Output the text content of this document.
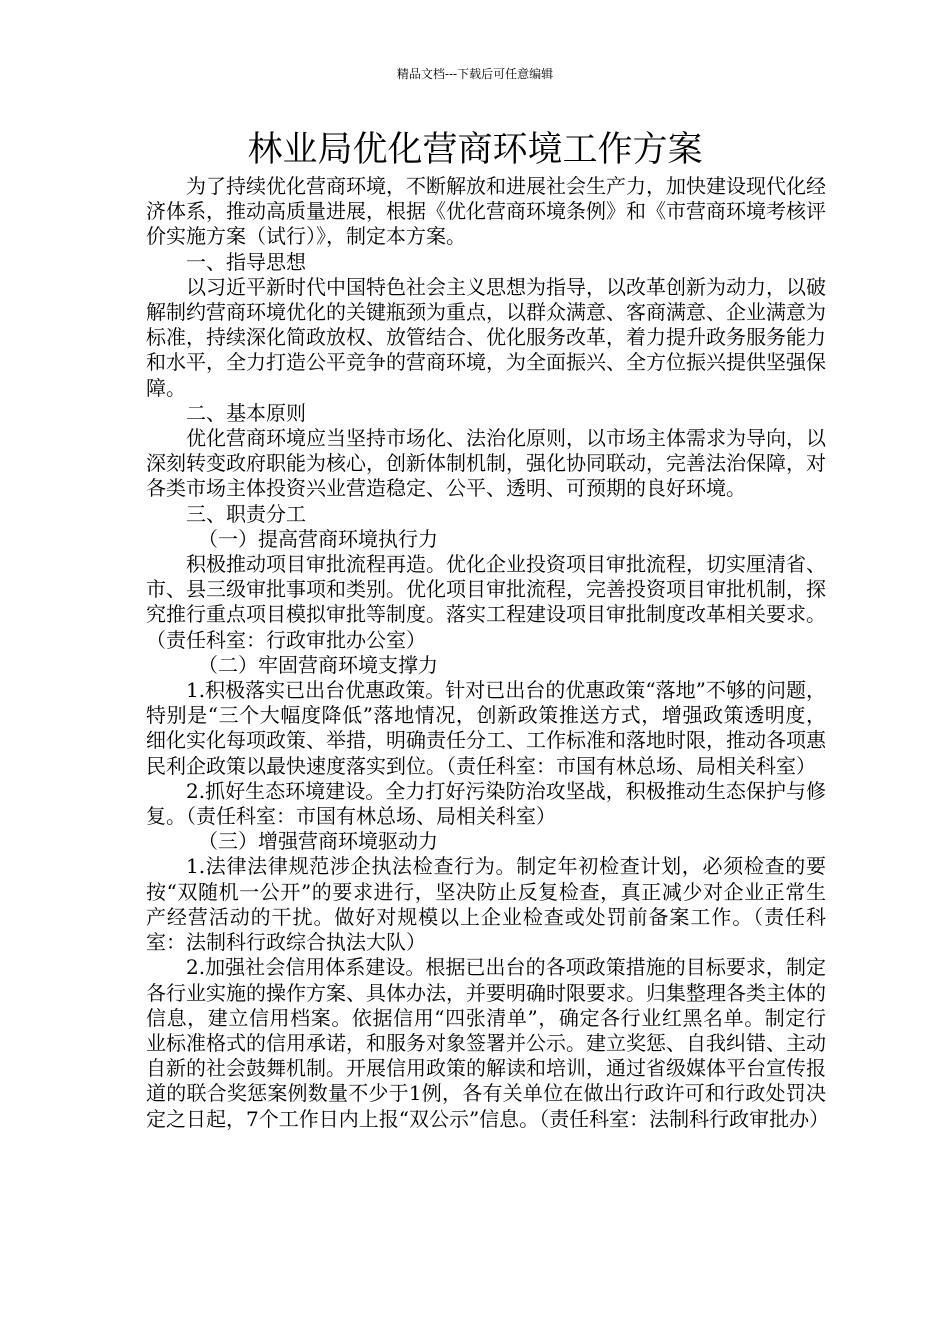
精品文档---下载后可任意编辑
林业局优化营商环境工作方案

为了持续优化营商环境，不断解放和进展社会生产力，加快建设现代化经济体系，推动高质量进展，根据《优化营商环境条例》和《市营商环境考核评价实施方案（试行）》，制定本方案。

一、指导思想

以习近平新时代中国特色社会主义思想为指导，以改革创新为动力，以破解制约营商环境优化的关键瓶颈为重点，以群众满意、客商满意、企业满意为标准，持续深化简政放权、放管结合、优化服务改革，着力提升政务服务能力和水平，全力打造公平竞争的营商环境，为全面振兴、全方位振兴提供坚强保障。

二、基本原则

优化营商环境应当坚持市场化、法治化原则，以市场主体需求为导向，以深刻转变政府职能为核心，创新体制机制，强化协同联动，完善法治保障，对各类市场主体投资兴业营造稳定、公平、透明、可预期的良好环境。

三、职责分工

（一）提高营商环境执行力

积极推动项目审批流程再造。优化企业投资项目审批流程，切实厘清省、市、县三级审批事项和类别。优化项目审批流程，完善投资项目审批机制，探究推行重点项目模拟审批等制度。落实工程建设项目审批制度改革相关要求。（责任科室：行政审批办公室）

（二）牢固营商环境支撑力

1.积极落实已出台优惠政策。针对已出台的优惠政策“落地”不够的问题，特别是“三个大幅度降低”落地情况，创新政策推送方式，增强政策透明度，细化实化每项政策、举措，明确责任分工、工作标准和落地时限，推动各项惠民利企政策以最快速度落实到位。（责任科室：市国有林总场、局相关科室）

2.抓好生态环境建设。全力打好污染防治攻坚战，积极推动生态保护与修复。（责任科室：市国有林总场、局相关科室）

（三）增强营商环境驱动力

1.法律法律规范涉企执法检查行为。制定年初检查计划，必须检查的要按“双随机一公开”的要求进行，坚决防止反复检查，真正减少对企业正常生产经营活动的干扰。做好对规模以上企业检查或处罚前备案工作。（责任科室：法制科行政综合执法大队）

2.加强社会信用体系建设。根据已出台的各项政策措施的目标要求，制定各行业实施的操作方案、具体办法，并要明确时限要求。归集整理各类主体的信息，建立信用档案。依据信用“四张清单”，确定各行业红黑名单。制定行业标准格式的信用承诺，和服务对象签署并公示。建立奖惩、自我纠错、主动自新的社会鼓舞机制。开展信用政策的解读和培训，通过省级媒体平台宣传报道的联合奖惩案例数量不少于1例，各有关单位在做出行政许可和行政处罚决定之日起，7个工作日内上报“双公示”信息。（责任科室：法制科行政审批办）
